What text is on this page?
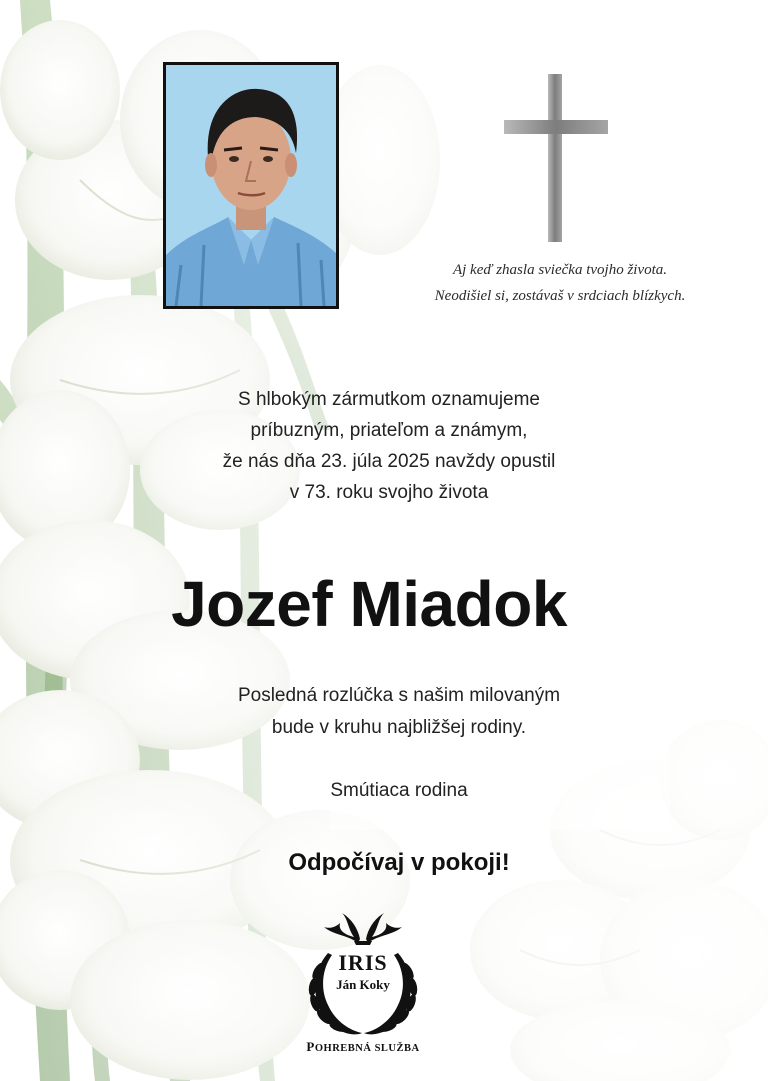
Aj keď zhasla sviečka tvojho života.
Neodišiel si, zostávaš v srdciach blízkych.
S hlbokým zármutkom oznamujeme
príbuzným, priateľom a známym,
že nás dňa 23. júla 2025 navždy opustil
v 73. roku svojho života
Jozef Miadok
Posledná rozlúčka s našim milovaným
bude v kruhu najbližšej rodiny.
Smútiaca rodina
Odpočívaj v pokoji!
IRIS
Ján Koky
POHREBNÁ SLUŽBA
